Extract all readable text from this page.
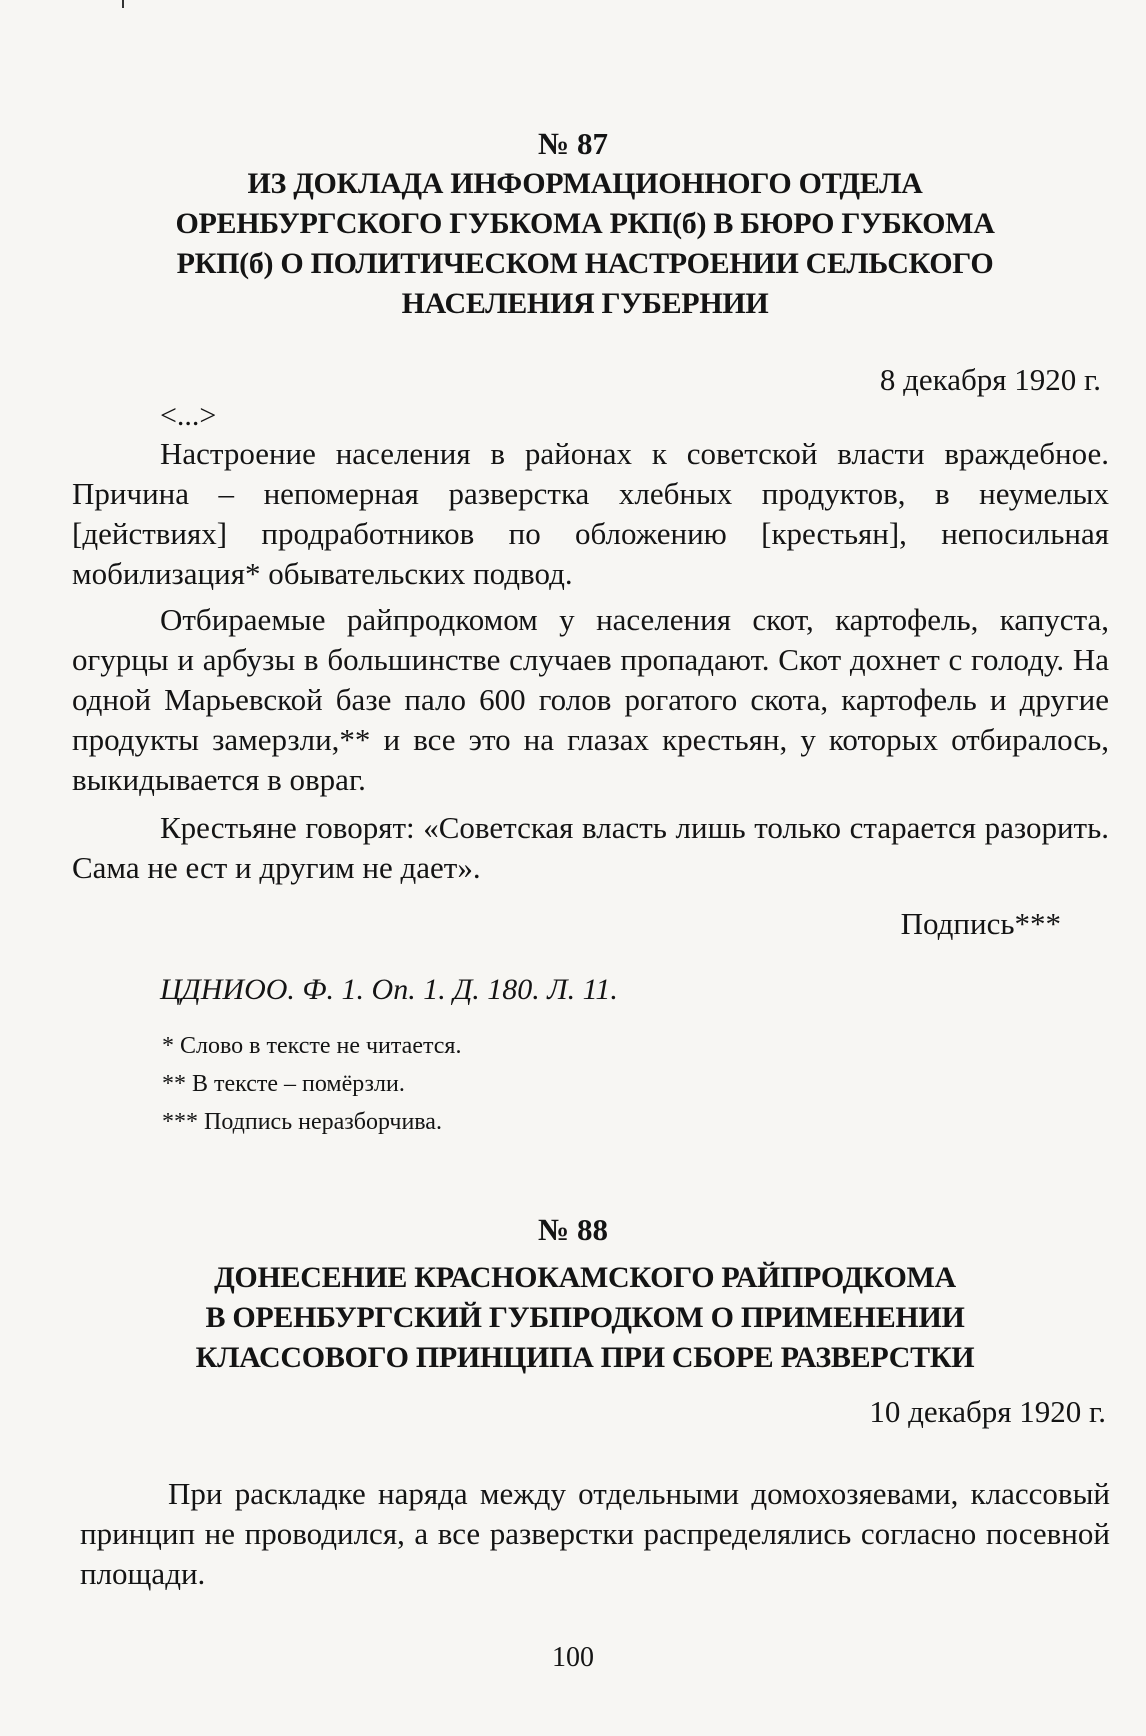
№ 87
ИЗ ДОКЛАДА ИНФОРМАЦИОННОГО ОТДЕЛА
ОРЕНБУРГСКОГО ГУБКОМА РКП(б) В БЮРО ГУБКОМА
РКП(б) О ПОЛИТИЧЕСКОМ НАСТРОЕНИИ СЕЛЬСКОГО
НАСЕЛЕНИЯ ГУБЕРНИИ
8 декабря 1920 г.
<...>

Настроение населения в районах к советской власти враждебное. Причина – непомерная разверстка хлебных продуктов, в неумелых [действиях] продработников по обложению [крестьян], непосильная мобилизация* обывательских подвод.

Отбираемые райпродкомом у населения скот, картофель, капуста, огурцы и арбузы в большинстве случаев пропадают. Скот дохнет с голоду. На одной Марьевской базе пало 600 голов рогатого скота, картофель и другие продукты замерзли,** и все это на глазах крестьян, у которых отбиралось, выкидывается в овраг.

Крестьяне говорят: «Советская власть лишь только старается разорить. Сама не ест и другим не дает».

Подпись***
ЦДНИОО. Ф. 1. Оп. 1. Д. 180. Л. 11.
* Слово в тексте не читается.
** В тексте – помёрзли.
*** Подпись неразборчива.
№ 88
ДОНЕСЕНИЕ КРАСНОКАМСКОГО РАЙПРОДКОМА
В ОРЕНБУРГСКИЙ ГУБПРОДКОМ О ПРИМЕНЕНИИ
КЛАССОВОГО ПРИНЦИПА ПРИ СБОРЕ РАЗВЕРСТКИ
10 декабря 1920 г.

При раскладке наряда между отдельными домохозяевами, классовый принцип не проводился, а все разверстки распределялись согласно посевной площади.

100
